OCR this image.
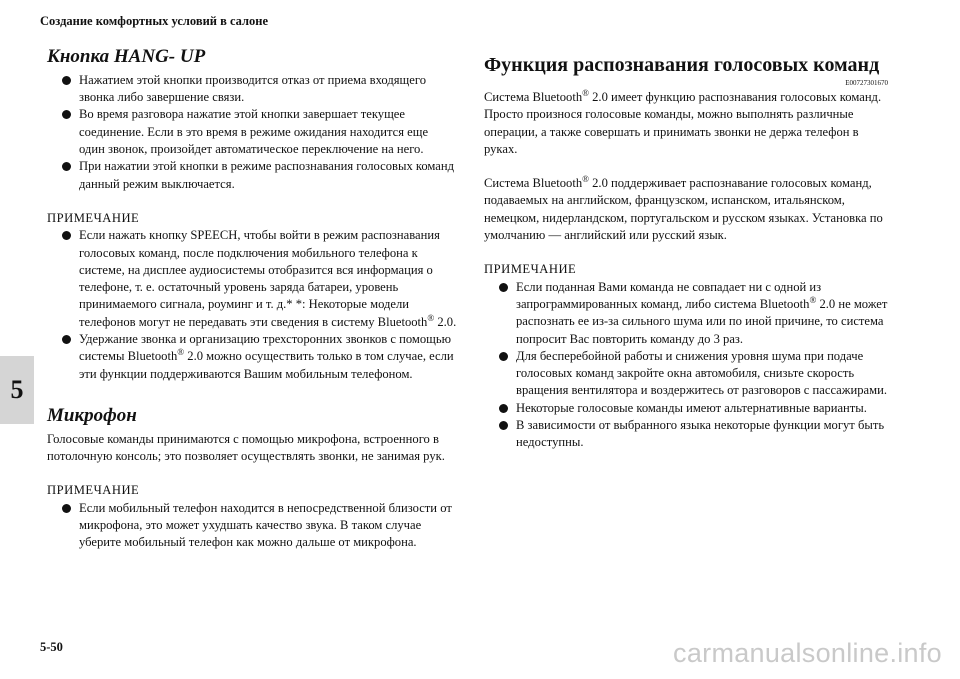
Создание комфортных условий в салоне
5
5-50	carmanualsonline.info
Кнопка HANG- UP
Нажатием этой кнопки производится отказ от приема входящего звонка либо завершение связи.
Во время разговора нажатие этой кнопки завершает текущее соединение. Если в это время в режиме ожидания находится еще один звонок, произойдет автоматическое переключение на него.
При нажатии этой кнопки в режиме распознавания голосовых команд данный режим выключается.

ПРИМЕЧАНИЕ

Если нажать кнопку SPEECH, чтобы войти в режим распознавания голосовых команд, после подключения мобильного телефона к системе, на дисплее аудиосистемы отобразится вся информация о телефоне, т. е. остаточный уровень заряда батареи, уровень принимаемого сигнала, роуминг и т. д.* *: Некоторые модели телефонов могут не передавать эти сведения в систему Bluetooth® 2.0.
Удержание звонка и организацию трехсторонних звонков с помощью системы Bluetooth® 2.0 можно осуществить только в том случае, если эти функции поддерживаются Вашим мобильным телефоном.
Микрофон

Голосовые команды принимаются с помощью микрофона, встроенного в потолочную консоль; это позволяет осуществлять звонки, не занимая рук.

ПРИМЕЧАНИЕ

Если мобильный телефон находится в непосредственной близости от микрофона, это может ухудшать качество звука. В таком случае уберите мобильный телефон как можно дальше от микрофона.
Функция распознавания голосовых команд
E00727301670

Система Bluetooth® 2.0 имеет функцию распознавания голосовых команд. Просто произнося голосовые команды, можно выполнять различные операции, а также совершать и принимать звонки не держа телефон в руках.

Система Bluetooth® 2.0 поддерживает распознавание голосовых команд, подаваемых на английском, французском, испанском, итальянском, немецком, нидерландском, португальском и русском языках. Установка по умолчанию — английский или русский язык.

ПРИМЕЧАНИЕ

Если поданная Вами команда не совпадает ни с одной из запрограммированных команд, либо система Bluetooth® 2.0 не может распознать ее из-за сильного шума или по иной причине, то система попросит Вас повторить команду до 3 раз.
Для бесперебойной работы и снижения уровня шума при подаче голосовых команд закройте окна автомобиля, снизьте скорость вращения вентилятора и воздержитесь от разговоров с пассажирами.
Некоторые голосовые команды имеют альтернативные варианты.
В зависимости от выбранного языка некоторые функции могут быть недоступны.
